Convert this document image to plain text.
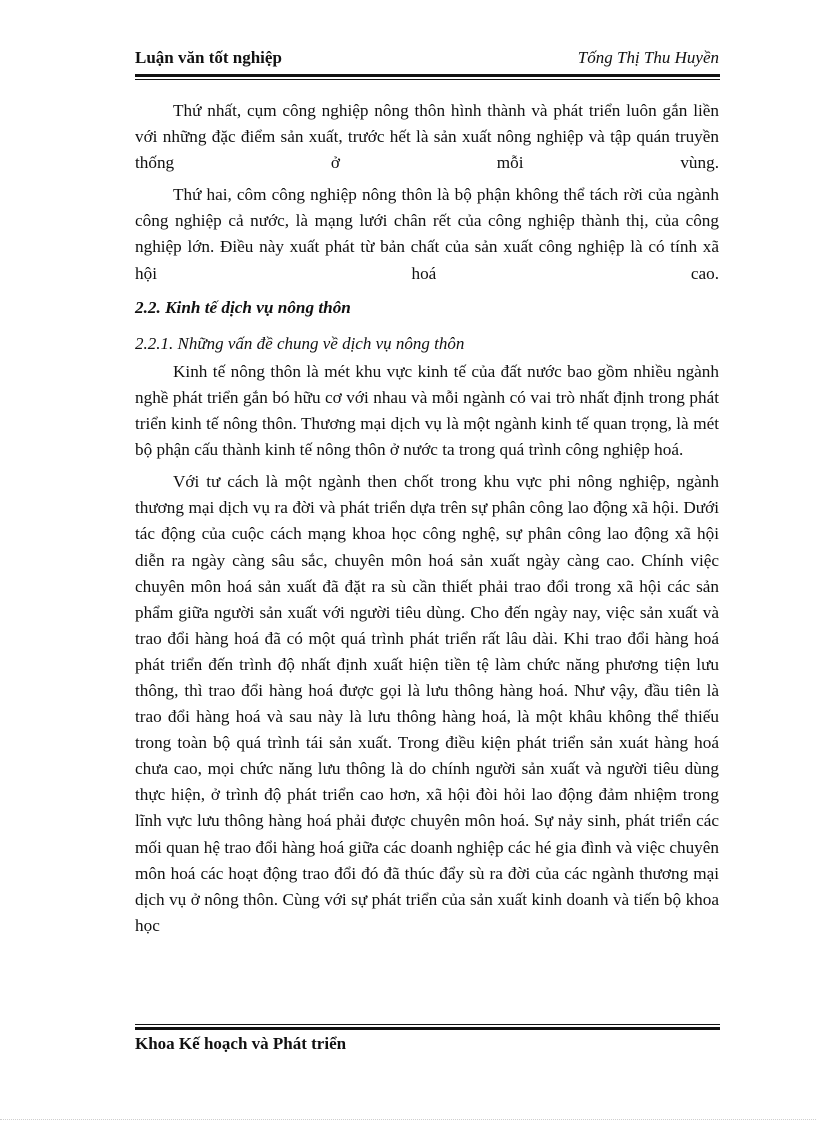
Luận văn tốt nghiệp	Tống Thị Thu Huyền

Thứ nhất, cụm công nghiệp nông thôn hình thành và phát triển luôn gắn liền với những đặc điểm sản xuất, trước hết là sản xuất nông nghiệp và tập quán truyền thống ở mỗi vùng.

Thứ hai, côm công nghiệp nông thôn là bộ phận không thể tách rời của ngành công nghiệp cả nước, là mạng lưới chân rết của công nghiệp thành thị, của công nghiệp lớn. Điều này xuất phát từ bản chất của sản xuất công nghiệp là có tính xã hội hoá cao.

2.2. Kinh tế dịch vụ nông thôn
2.2.1. Những vấn đề chung về dịch vụ nông thôn

Kinh tế nông thôn là mét khu vực kinh tế của đất nước bao gồm nhiều ngành nghề phát triển gắn bó hữu cơ với nhau và mỗi ngành có vai trò nhất định trong phát triển kinh tế nông thôn. Thương mại dịch vụ là một ngành kinh tế quan trọng, là mét bộ phận cấu thành kinh tế nông thôn ở nước ta trong quá trình công nghiệp hoá.

Với tư cách là một ngành then chốt trong khu vực phi nông nghiệp, ngành thương mại dịch vụ ra đời và phát triển dựa trên sự phân công lao động xã hội. Dưới tác động của cuộc cách mạng khoa học công nghệ, sự phân công lao động xã hội diễn ra ngày càng sâu sắc, chuyên môn hoá sản xuất ngày càng cao. Chính việc chuyên môn hoá sản xuất đã đặt ra sù cần thiết phải trao đổi trong xã hội các sản phẩm giữa người sản xuất với người tiêu dùng. Cho đến ngày nay, việc sản xuất và trao đổi hàng hoá đã có một quá trình phát triển rất lâu dài. Khi trao đổi hàng hoá phát triển đến trình độ nhất định xuất hiện tiền tệ làm chức năng phương tiện lưu thông, thì trao đổi hàng hoá được gọi là lưu thông hàng hoá. Như vậy, đầu tiên là trao đổi hàng hoá và sau này là lưu thông hàng hoá, là một khâu không thể thiếu trong toàn bộ quá trình tái sản xuất. Trong điều kiện phát triển sản xuát hàng hoá chưa cao, mọi chức năng lưu thông là do chính người sản xuất và người tiêu dùng thực hiện, ở trình độ phát triển cao hơn, xã hội đòi hỏi lao động đảm nhiệm trong lĩnh vực lưu thông hàng hoá phải được chuyên môn hoá. Sự nảy sinh, phát triển các mối quan hệ trao đổi hàng hoá giữa các doanh nghiệp các hé gia đình và việc chuyên môn hoá các hoạt động trao đổi đó đã thúc đẩy sù ra đời của các ngành thương mại dịch vụ ở nông thôn. Cùng với sự phát triển của sản xuất kinh doanh và tiến bộ khoa học

Khoa Kế hoạch và Phát triển
